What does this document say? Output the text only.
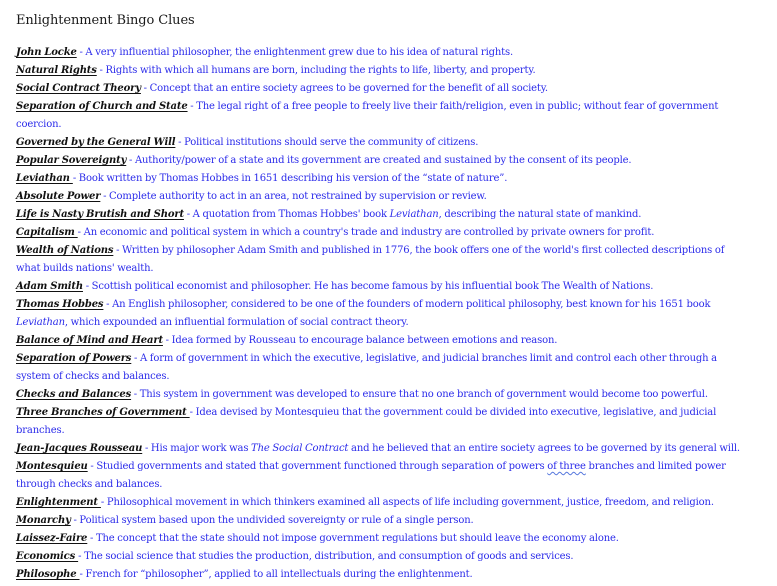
Enlightenment Bingo Clues
John Locke - A very influential philosopher, the enlightenment grew due to his idea of natural rights.
Natural Rights - Rights with which all humans are born, including the rights to life, liberty, and property.
Social Contract Theory - Concept that an entire society agrees to be governed for the benefit of all society.
Separation of Church and State - The legal right of a free people to freely live their faith/religion, even in public; without fear of government coercion.
Governed by the General Will - Political institutions should serve the community of citizens.
Popular Sovereignty - Authority/power of a state and its government are created and sustained by the consent of its people.
Leviathan - Book written by Thomas Hobbes in 1651 describing his version of the “state of nature”.
Absolute Power - Complete authority to act in an area, not restrained by supervision or review.
Life is Nasty Brutish and Short - A quotation from Thomas Hobbes' book Leviathan, describing the natural state of mankind.
Capitalism - An economic and political system in which a country's trade and industry are controlled by private owners for profit.
Wealth of Nations - Written by philosopher Adam Smith and published in 1776, the book offers one of the world's first collected descriptions of what builds nations' wealth.
Adam Smith - Scottish political economist and philosopher. He has become famous by his influential book The Wealth of Nations.
Thomas Hobbes - An English philosopher, considered to be one of the founders of modern political philosophy, best known for his 1651 book Leviathan, which expounded an influential formulation of social contract theory.
Balance of Mind and Heart - Idea formed by Rousseau to encourage balance between emotions and reason.
Separation of Powers - A form of government in which the executive, legislative, and judicial branches limit and control each other through a system of checks and balances.
Checks and Balances - This system in government was developed to ensure that no one branch of government would become too powerful.
Three Branches of Government - Idea devised by Montesquieu that the government could be divided into executive, legislative, and judicial branches.
Jean-Jacques Rousseau - His major work was The Social Contract and he believed that an entire society agrees to be governed by its general will.
Montesquieu - Studied governments and stated that government functioned through separation of powers of three branches and limited power through checks and balances.
Enlightenment - Philosophical movement in which thinkers examined all aspects of life including government, justice, freedom, and religion.
Monarchy - Political system based upon the undivided sovereignty or rule of a single person.
Laissez-Faire - The concept that the state should not impose government regulations but should leave the economy alone.
Economics - The social science that studies the production, distribution, and consumption of goods and services.
Philosophe - French for “philosopher”, applied to all intellectuals during the enlightenment.
